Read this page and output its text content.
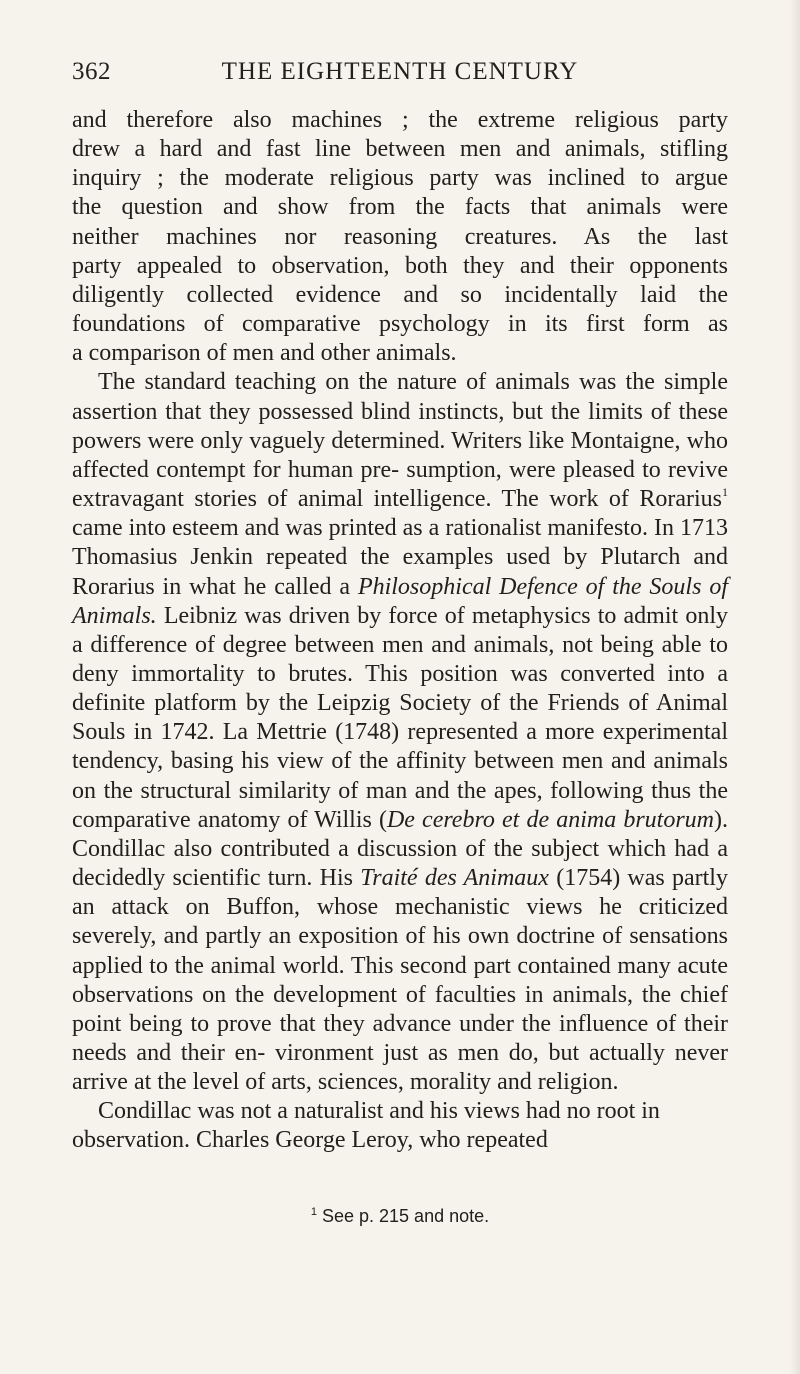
362	THE EIGHTEENTH CENTURY

and therefore also machines ; the extreme religious party
drew a hard and fast line between men and animals, stifling
inquiry ; the moderate religious party was inclined to argue
the question and show from the facts that animals were
neither machines nor reasoning creatures. As the last
party appealed to observation, both they and their opponents
diligently collected evidence and so incidentally laid the
foundations of comparative psychology in its first form as
a comparison of men and other animals.

The standard teaching on the nature of animals was the simple assertion that they possessed blind instincts, but the limits of these powers were only vaguely determined. Writers like Montaigne, who affected contempt for human pre- sumption, were pleased to revive extravagant stories of animal intelligence. The work of Rorarius$^1$ came into esteem and was printed as a rationalist manifesto. In 1713 Thomasius Jenkin repeated the examples used by Plutarch and Rorarius in what he called a Philosophical Defence of the Souls of Animals. Leibniz was driven by force of metaphysics to admit only a difference of degree between men and animals, not being able to deny immortality to brutes. This position was converted into a definite platform by the Leipzig Society of the Friends of Animal Souls in 1742. La Mettrie (1748) represented a more experimental tendency, basing his view of the affinity between men and animals on the structural similarity of man and the apes, following thus the comparative anatomy of Willis (De cerebro et de anima brutorum). Condillac also contributed a discussion of the subject which had a decidedly scientific turn. His Traité des Animaux (1754) was partly an attack on Buffon, whose mechanistic views he criticized severely, and partly an exposition of his own doctrine of sensations applied to the animal world. This second part contained many acute observations on the development of faculties in animals, the chief point being to prove that they advance under the influence of their needs and their en- vironment just as men do, but actually never arrive at the level of arts, sciences, morality and religion.

Condillac was not a naturalist and his views had no root in observation. Charles George Leroy, who repeated

$^1$ See p. 215 and note.
